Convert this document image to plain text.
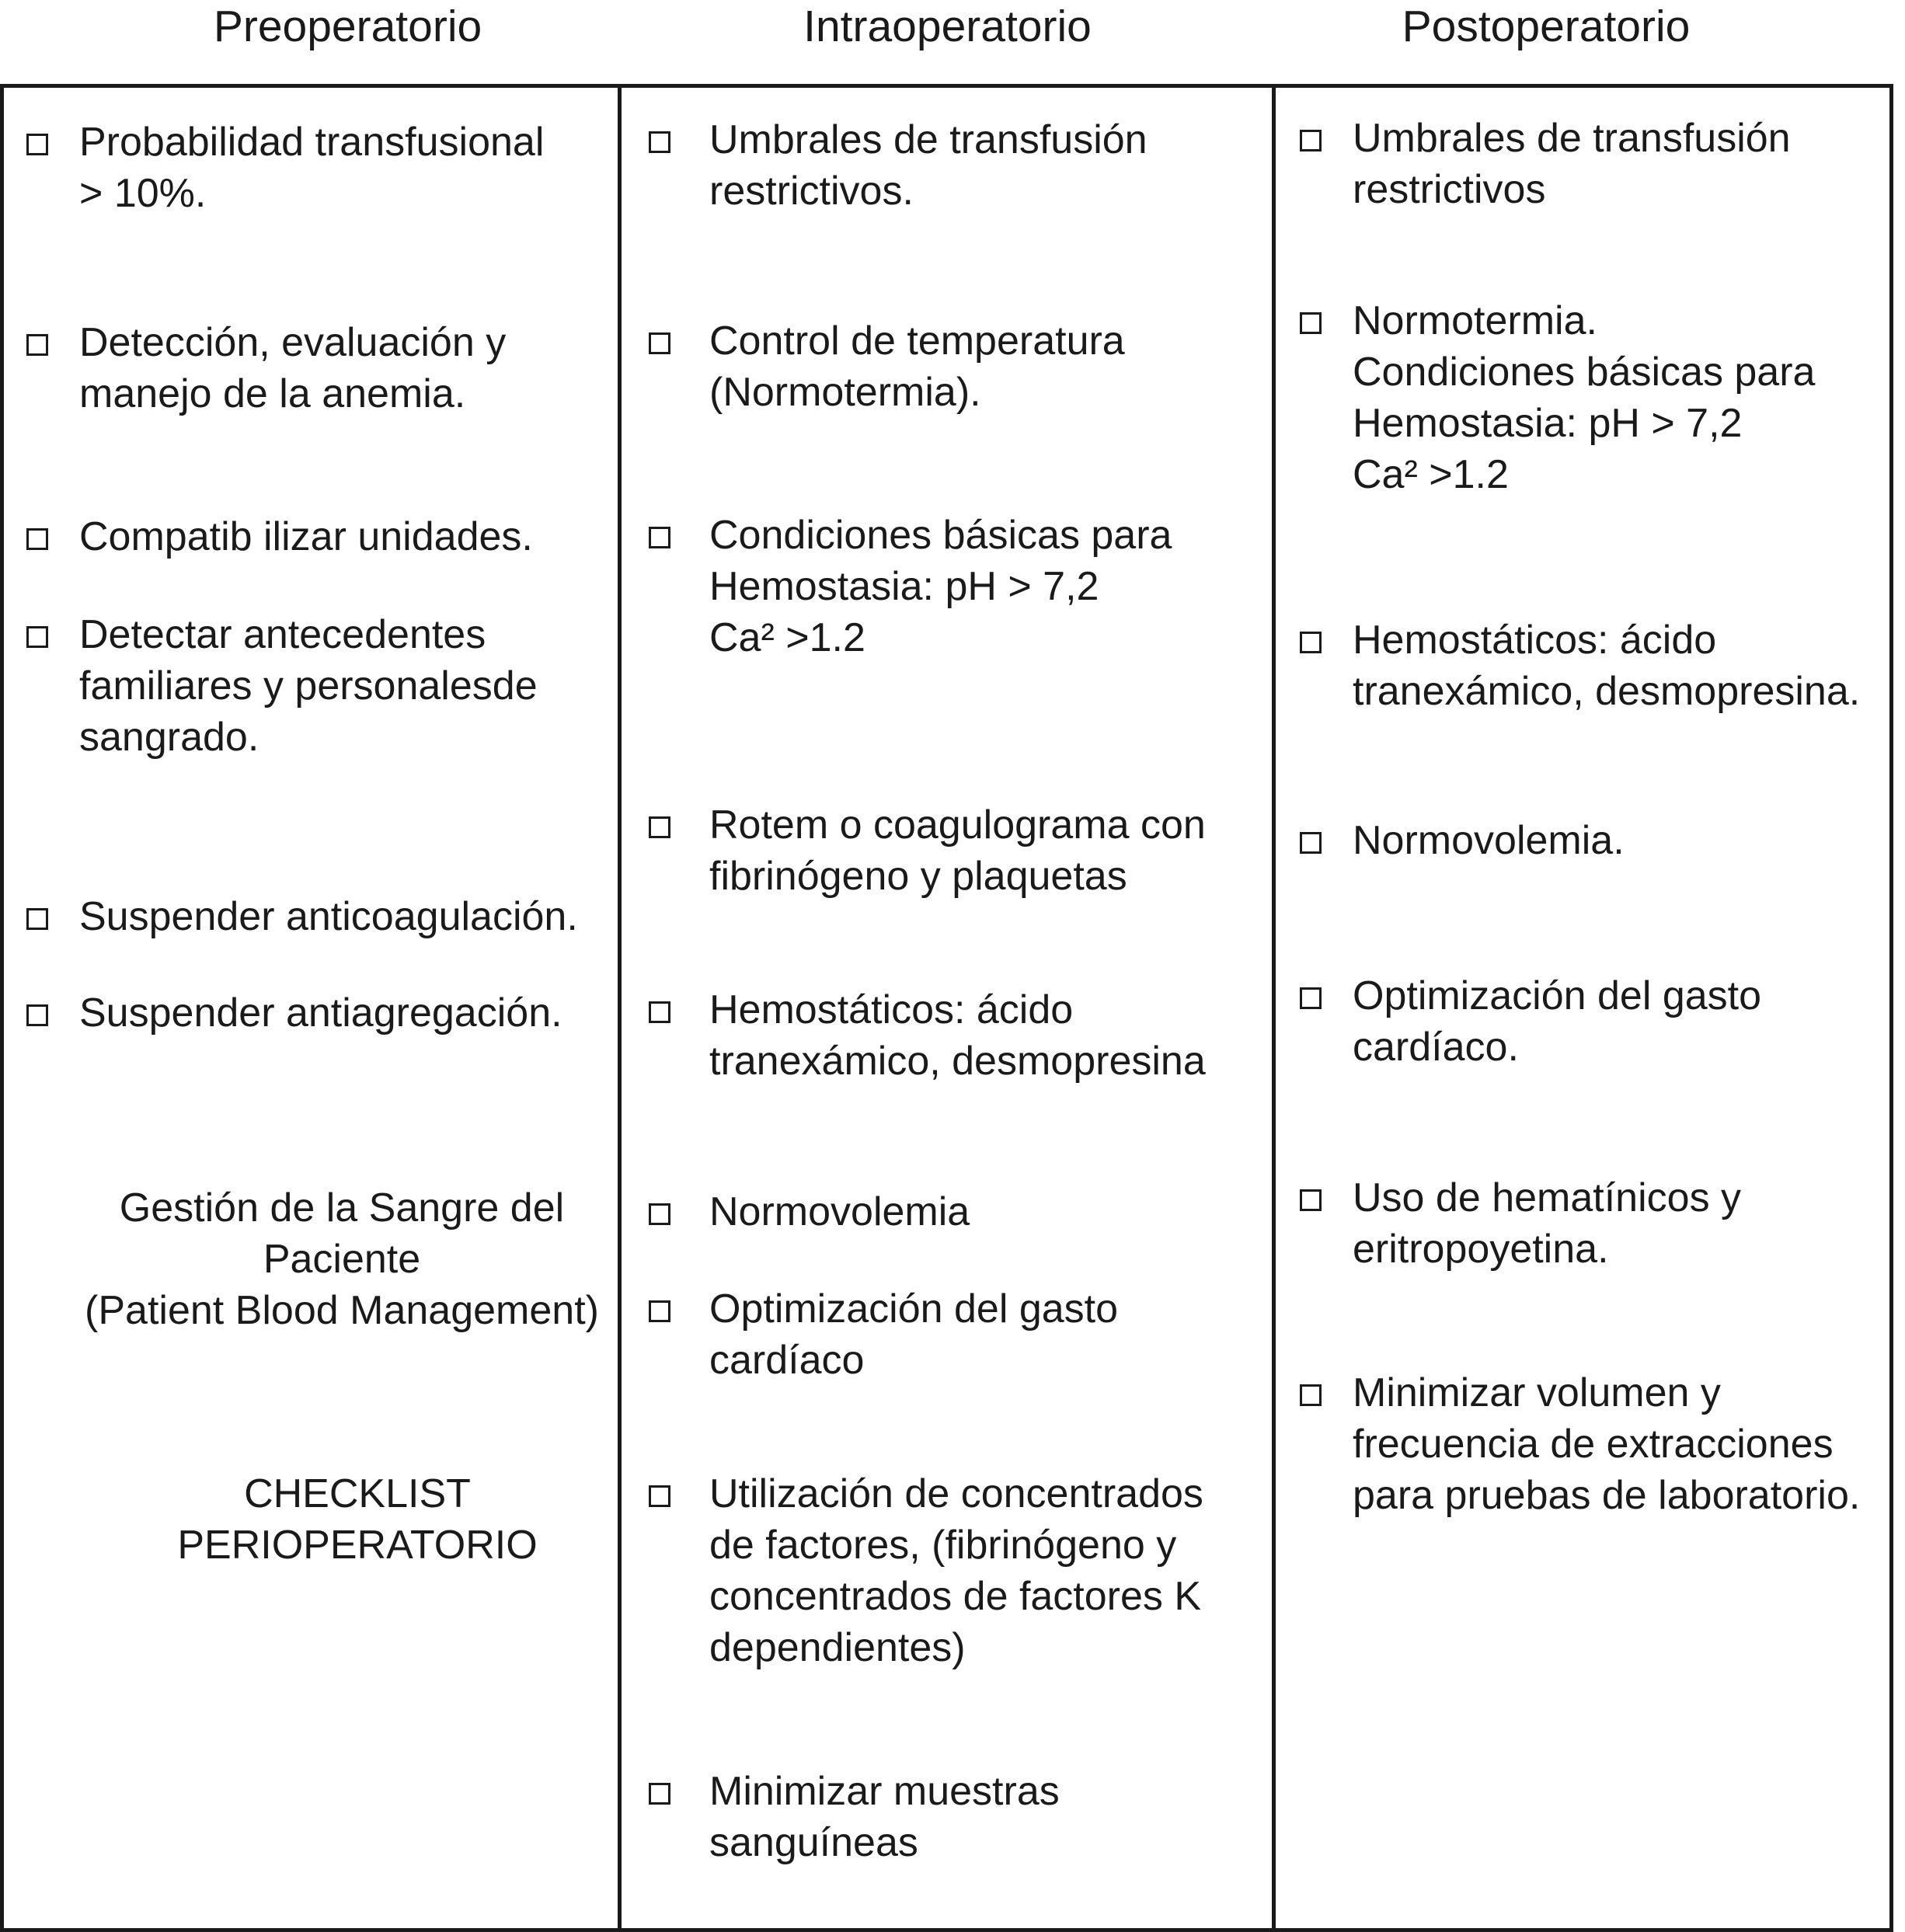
Preoperatorio	Intraoperatorio	Postoperatorio
Probabilidad transfusional
> 10%.
Detección, evaluación y
manejo de la anemia.
Compatib ilizar unidades.
Detectar antecedentes
familiares y personalesde
sangrado.
Suspender anticoagulación.
Suspender antiagregación.
Gestión de la Sangre del
Paciente
(Patient Blood Management)
CHECKLIST
PERIOPERATORIO
Umbrales de transfusión
restrictivos.
Control de temperatura
(Normotermia).
Condiciones básicas para
Hemostasia: pH > 7,2
Ca² >1.2
Rotem o coagulograma con
fibrinógeno y plaquetas
Hemostáticos: ácido
tranexámico, desmopresina
Normovolemia
Optimización del gasto
cardíaco
Utilización de concentrados
de factores, (fibrinógeno y
concentrados de factores K
dependientes)
Minimizar muestras
sanguíneas
Umbrales de transfusión
restrictivos
Normotermia.
Condiciones básicas para
Hemostasia: pH > 7,2
Ca² >1.2
Hemostáticos: ácido
tranexámico, desmopresina.
Normovolemia.
Optimización del gasto
cardíaco.
Uso de hematínicos y
eritropoyetina.
Minimizar volumen y
frecuencia de extracciones
para pruebas de laboratorio.
